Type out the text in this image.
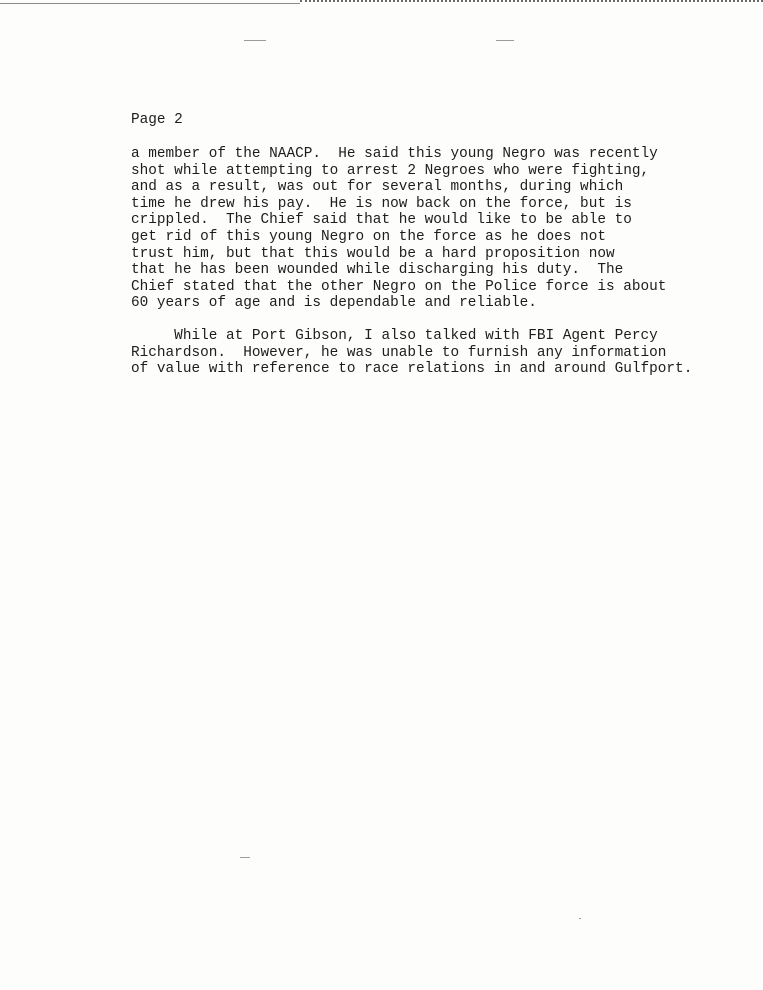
Page 2
a member of the NAACP.  He said this young Negro was recently
shot while attempting to arrest 2 Negroes who were fighting,
and as a result, was out for several months, during which
time he drew his pay.  He is now back on the force, but is
crippled.  The Chief said that he would like to be able to
get rid of this young Negro on the force as he does not
trust him, but that this would be a hard proposition now
that he has been wounded while discharging his duty.  The
Chief stated that the other Negro on the Police force is about
60 years of age and is dependable and reliable.
While at Port Gibson, I also talked with FBI Agent Percy
Richardson.  However, he was unable to furnish any information
of value with reference to race relations in and around Gulfport.
